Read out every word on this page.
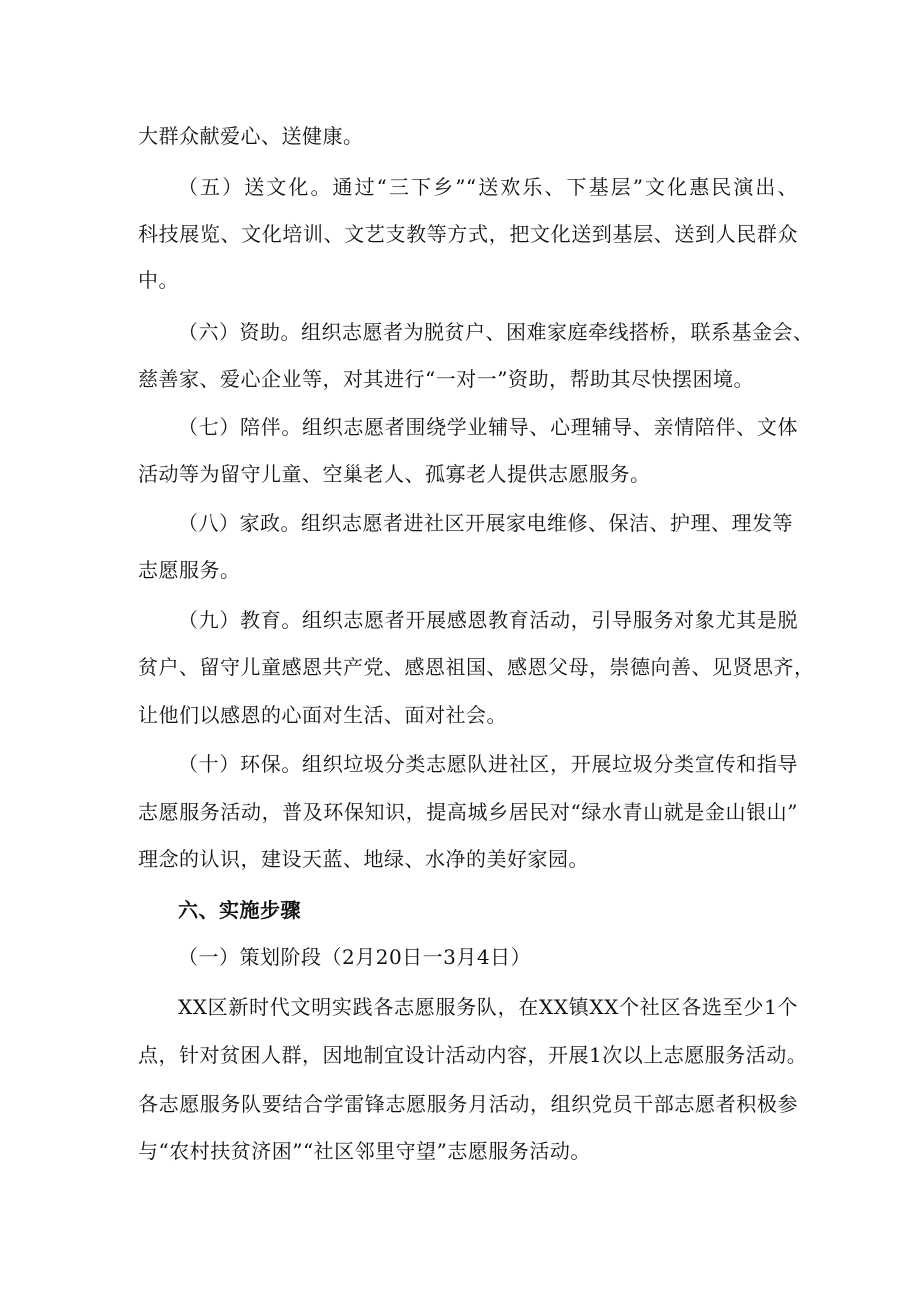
大群众献爱心、送健康。
（五）送文化。通过“三下乡”“送欢乐、下基层”文化惠民演出、
科技展览、文化培训、文艺支教等方式，把文化送到基层、送到人民群众
中。
（六）资助。组织志愿者为脱贫户、困难家庭牵线搭桥，联系基金会、
慈善家、爱心企业等，对其进行“一对一”资助，帮助其尽快摆困境。
（七）陪伴。组织志愿者围绕学业辅导、心理辅导、亲情陪伴、文体
活动等为留守儿童、空巢老人、孤寡老人提供志愿服务。
（八）家政。组织志愿者进社区开展家电维修、保洁、护理、理发等
志愿服务。
（九）教育。组织志愿者开展感恩教育活动，引导服务对象尤其是脱
贫户、留守儿童感恩共产党、感恩祖国、感恩父母，崇德向善、见贤思齐，
让他们以感恩的心面对生活、面对社会。
（十）环保。组织垃圾分类志愿队进社区，开展垃圾分类宣传和指导
志愿服务活动，普及环保知识，提高城乡居民对“绿水青山就是金山银山”
理念的认识，建设天蓝、地绿、水净的美好家园。
六、实施步骤
（一）策划阶段（2月20日一3月4日）
XX区新时代文明实践各志愿服务队，在XX镇XX个社区各选至少1个
点，针对贫困人群，因地制宜设计活动内容，开展1次以上志愿服务活动。
各志愿服务队要结合学雷锋志愿服务月活动，组织党员干部志愿者积极参
与“农村扶贫济困”“社区邻里守望”志愿服务活动。
